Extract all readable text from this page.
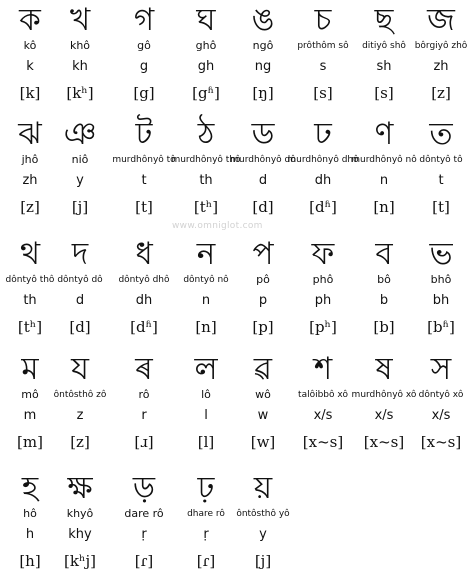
ক
kô
k
[k]
খ
khô
kh
[kʰ]
গ
gô
g
[g]
ঘ
ghô
gh
[gʱ]
ঙ
ngô
ng
[ŋ]
চ
prôthôm sô
s
[s]
ছ
ditiyô shô
sh
[s]
জ
bôrgiyô zhô
zh
[z]
ঝ
jhô
zh
[z]
ঞ
niô
y
[j]
ট
murdhônyô tô
t
[t]
ঠ
murdhônyô thô
th
[tʰ]
ড
murdhônyô dô
d
[d]
ঢ
murdhônyô dhô
dh
[dʱ]
ণ
murdhônyô nô
n
[n]
ত
dôntyô tô
t
[t]
থ
dôntyô thô
th
[tʰ]
দ
dôntyô dô
d
[d]
ধ
dôntyô dhô
dh
[dʱ]
ন
dôntyô nô
n
[n]
প
pô
p
[p]
ফ
phô
ph
[pʰ]
ব
bô
b
[b]
ভ
bhô
bh
[bʱ]
ম
mô
m
[m]
য
ôntôsthô zô
z
[z]
ৰ
rô
r
[ɹ]
ল
lô
l
[l]
ৱ
wô
w
[w]
শ
talôibbô xô
x/s
[x~s]
ষ
murdhônyô xô
x/s
[x~s]
স
dôntyô xô
x/s
[x~s]
হ
hô
h
[h]
ক্ষ
khyô
khy
[kʰj]
ড়
dare rô
ṛ
[ɾ]
ঢ়
dhare rô
ṛ
[ɾ]
য়
ôntôsthô yô
y
[j]
www.omniglot.com
